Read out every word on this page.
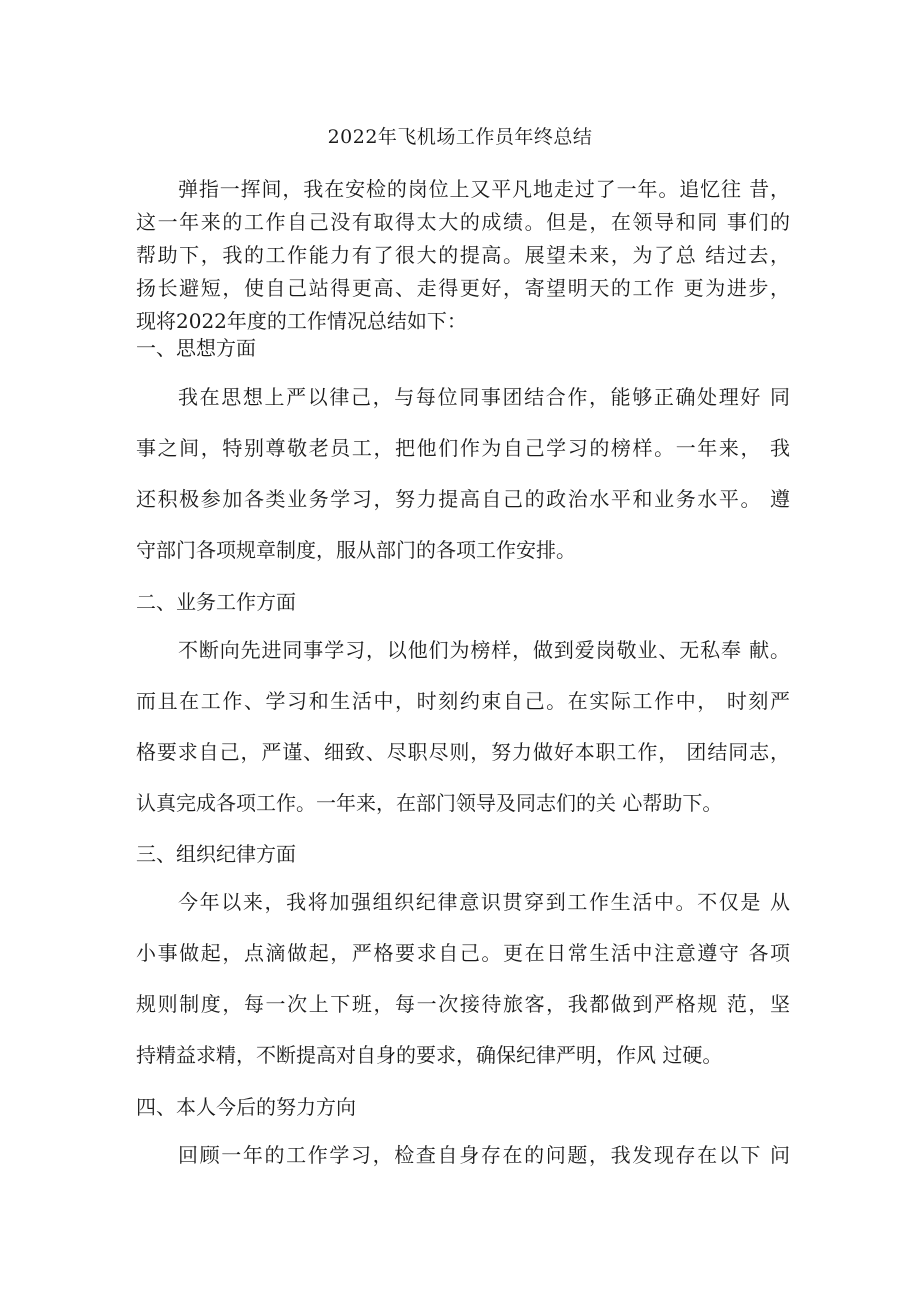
2022年飞机场工作员年终总结
弹指一挥间，我在安检的岗位上又平凡地走过了一年。追忆往 昔，
这一年来的工作自己没有取得太大的成绩。但是，在领导和同 事们的
帮助下，我的工作能力有了很大的提高。展望未来，为了总 结过去，
扬长避短，使自己站得更高、走得更好，寄望明天的工作 更为进步，
现将2022年度的工作情况总结如下：
一、思想方面
我在思想上严以律己，与每位同事团结合作，能够正确处理好 同
事之间，特别尊敬老员工，把他们作为自己学习的榜样。一年来， 我
还积极参加各类业务学习，努力提高自己的政治水平和业务水平。 遵
守部门各项规章制度，服从部门的各项工作安排。
二、业务工作方面
不断向先进同事学习，以他们为榜样，做到爱岗敬业、无私奉 献。
而且在工作、学习和生活中，时刻约束自己。在实际工作中， 时刻严
格要求自己，严谨、细致、尽职尽则，努力做好本职工作， 团结同志，
认真完成各项工作。一年来，在部门领导及同志们的关 心帮助下。
三、组织纪律方面
今年以来，我将加强组织纪律意识贯穿到工作生活中。不仅是 从
小事做起，点滴做起，严格要求自己。更在日常生活中注意遵守 各项
规则制度，每一次上下班，每一次接待旅客，我都做到严格规 范，坚
持精益求精，不断提高对自身的要求，确保纪律严明，作风 过硬。
四、本人今后的努力方向
回顾一年的工作学习，检查自身存在的问题，我发现存在以下 问
